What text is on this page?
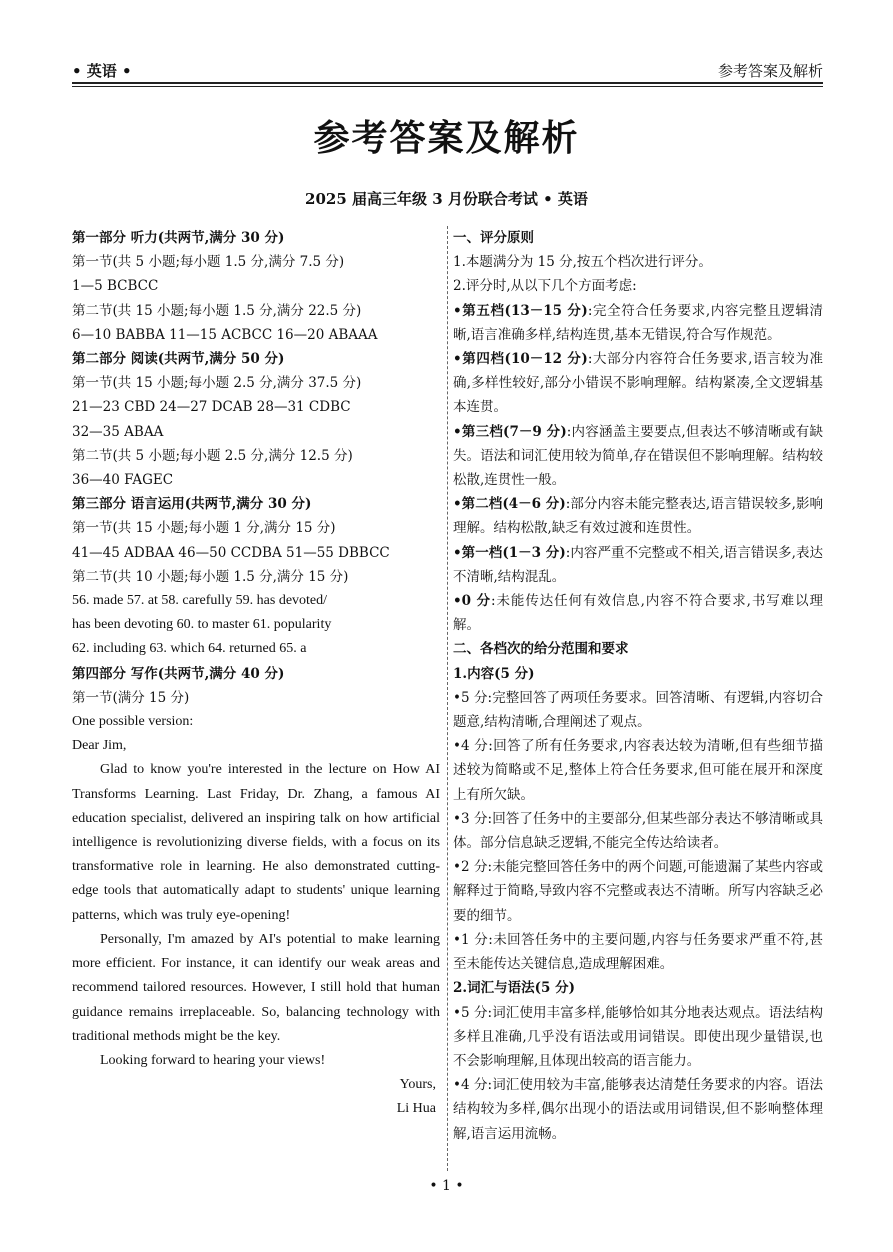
• 英语 •	参考答案及解析
参考答案及解析
2025 届高三年级 3 月份联合考试 • 英语
第一部分 听力(共两节,满分 30 分)
第一节(共 5 小题;每小题 1.5 分,满分 7.5 分)
1—5 BCBCC
第二节(共 15 小题;每小题 1.5 分,满分 22.5 分)
6—10 BABBA 11—15 ACBCC 16—20 ABAAA
第二部分 阅读(共两节,满分 50 分)
第一节(共 15 小题;每小题 2.5 分,满分 37.5 分)
21—23 CBD 24—27 DCAB 28—31 CDBC
32—35 ABAA
第二节(共 5 小题;每小题 2.5 分,满分 12.5 分)
36—40 FAGEC
第三部分 语言运用(共两节,满分 30 分)
第一节(共 15 小题;每小题 1 分,满分 15 分)
41—45 ADBAA 46—50 CCDBA 51—55 DBBCC
第二节(共 10 小题;每小题 1.5 分,满分 15 分)
56. made 57. at 58. carefully 59. has devoted/
has been devoting 60. to master 61. popularity
62. including 63. which 64. returned 65. a
第四部分 写作(共两节,满分 40 分)
第一节(满分 15 分)
One possible version:
Dear Jim,
Glad to know you're interested in the lecture on How AI Transforms Learning. Last Friday, Dr. Zhang, a famous AI education specialist, delivered an inspiring talk on how artificial intelligence is revolutionizing diverse fields, with a focus on its transformative role in learning. He also demonstrated cutting-edge tools that automatically adapt to students' unique learning patterns, which was truly eye-opening!
Personally, I'm amazed by AI's potential to make learning more efficient. For instance, it can identify our weak areas and recommend tailored resources. However, I still hold that human guidance remains irreplaceable. So, balancing technology with traditional methods might be the key.
Looking forward to hearing your views!
Yours,
Li Hua
一、评分原则
1.本题满分为 15 分,按五个档次进行评分。
2.评分时,从以下几个方面考虑:
•第五档(13－15 分):完全符合任务要求,内容完整且逻辑清晰,语言准确多样,结构连贯,基本无错误,符合写作规范。
•第四档(10－12 分):大部分内容符合任务要求,语言较为准确,多样性较好,部分小错误不影响理解。结构紧凑,全文逻辑基本连贯。
•第三档(7－9 分):内容涵盖主要要点,但表达不够清晰或有缺失。语法和词汇使用较为简单,存在错误但不影响理解。结构较松散,连贯性一般。
•第二档(4－6 分):部分内容未能完整表达,语言错误较多,影响理解。结构松散,缺乏有效过渡和连贯性。
•第一档(1－3 分):内容严重不完整或不相关,语言错误多,表达不清晰,结构混乱。
•0 分:未能传达任何有效信息,内容不符合要求,书写难以理解。
二、各档次的给分范围和要求
1.内容(5 分)
•5 分:完整回答了两项任务要求。回答清晰、有逻辑,内容切合题意,结构清晰,合理阐述了观点。
•4 分:回答了所有任务要求,内容表达较为清晰,但有些细节描述较为简略或不足,整体上符合任务要求,但可能在展开和深度上有所欠缺。
•3 分:回答了任务中的主要部分,但某些部分表达不够清晰或具体。部分信息缺乏逻辑,不能完全传达给读者。
•2 分:未能完整回答任务中的两个问题,可能遗漏了某些内容或解释过于简略,导致内容不完整或表达不清晰。所写内容缺乏必要的细节。
•1 分:未回答任务中的主要问题,内容与任务要求严重不符,甚至未能传达关键信息,造成理解困难。
2.词汇与语法(5 分)
•5 分:词汇使用丰富多样,能够恰如其分地表达观点。语法结构多样且准确,几乎没有语法或用词错误。即使出现少量错误,也不会影响理解,且体现出较高的语言能力。
•4 分:词汇使用较为丰富,能够表达清楚任务要求的内容。语法结构较为多样,偶尔出现小的语法或用词错误,但不影响整体理解,语言运用流畅。
• 1 •
